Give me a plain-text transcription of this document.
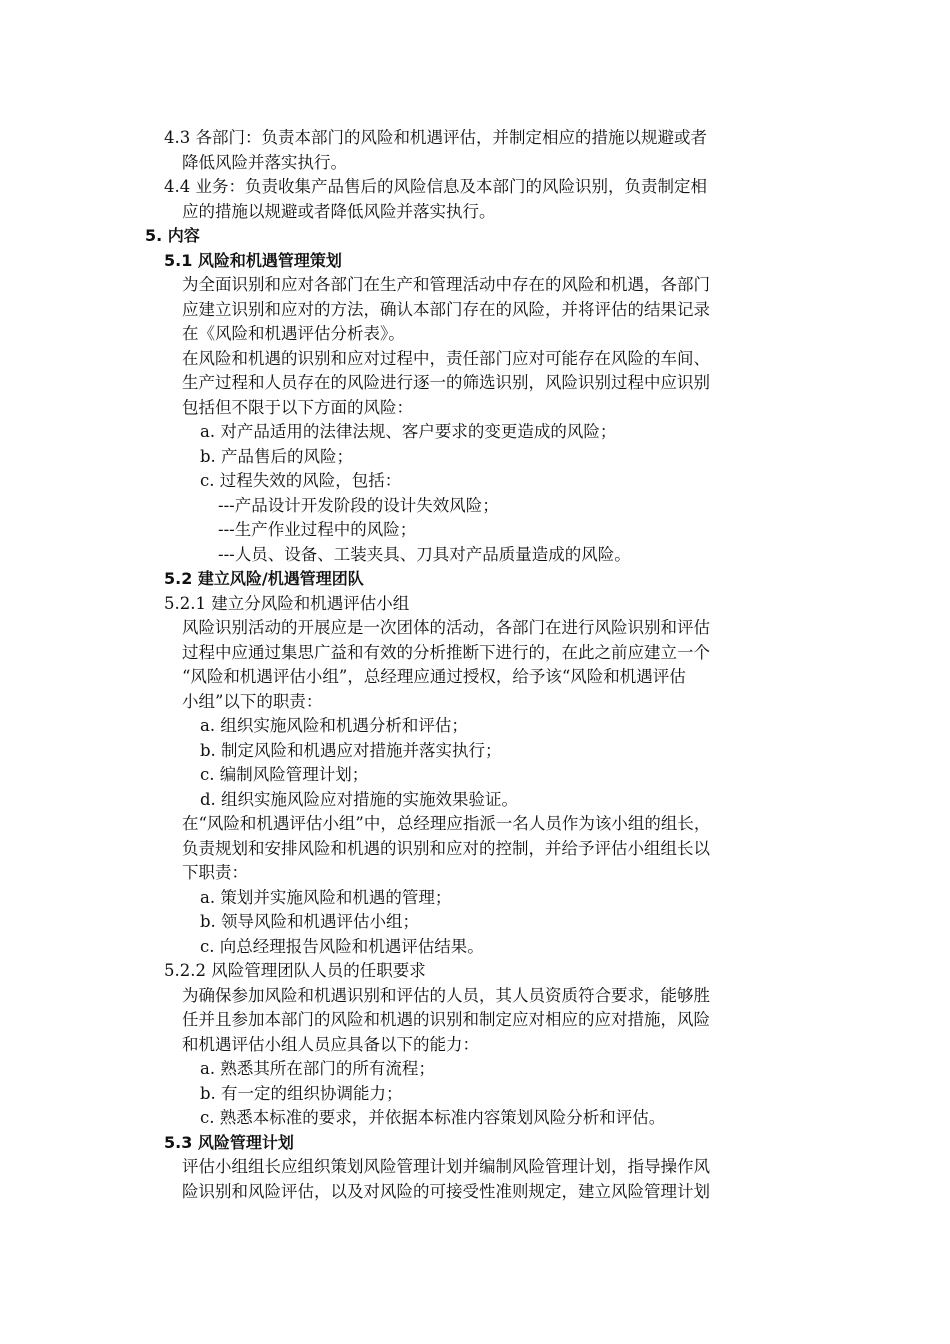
4.3 各部门：负责本部门的风险和机遇评估，并制定相应的措施以规避或者

降低风险并落实执行。

4.4 业务：负责收集产品售后的风险信息及本部门的风险识别，负责制定相

应的措施以规避或者降低风险并落实执行。

5. 内容

5.1 风险和机遇管理策划

为全面识别和应对各部门在生产和管理活动中存在的风险和机遇，各部门

应建立识别和应对的方法，确认本部门存在的风险，并将评估的结果记录

在《风险和机遇评估分析表》。

在风险和机遇的识别和应对过程中，责任部门应对可能存在风险的车间、

生产过程和人员存在的风险进行逐一的筛选识别，风险识别过程中应识别

包括但不限于以下方面的风险：

a. 对产品适用的法律法规、客户要求的变更造成的风险；

b. 产品售后的风险；

c. 过程失效的风险，包括：

---产品设计开发阶段的设计失效风险；

---生产作业过程中的风险；

---人员、设备、工装夹具、刀具对产品质量造成的风险。

5.2 建立风险/机遇管理团队

5.2.1 建立分风险和机遇评估小组

风险识别活动的开展应是一次团体的活动，各部门在进行风险识别和评估

过程中应通过集思广益和有效的分析推断下进行的，在此之前应建立一个

“风险和机遇评估小组”，总经理应通过授权，给予该“风险和机遇评估

小组”以下的职责：

a. 组织实施风险和机遇分析和评估；

b. 制定风险和机遇应对措施并落实执行；

c. 编制风险管理计划；

d. 组织实施风险应对措施的实施效果验证。

在“风险和机遇评估小组”中，总经理应指派一名人员作为该小组的组长，

负责规划和安排风险和机遇的识别和应对的控制，并给予评估小组组长以

下职责：

a. 策划并实施风险和机遇的管理；

b. 领导风险和机遇评估小组；

c. 向总经理报告风险和机遇评估结果。

5.2.2 风险管理团队人员的任职要求

为确保参加风险和机遇识别和评估的人员，其人员资质符合要求，能够胜

任并且参加本部门的风险和机遇的识别和制定应对相应的应对措施，风险

和机遇评估小组人员应具备以下的能力：

a. 熟悉其所在部门的所有流程；

b. 有一定的组织协调能力；

c. 熟悉本标准的要求，并依据本标准内容策划风险分析和评估。

5.3 风险管理计划

评估小组组长应组织策划风险管理计划并编制风险管理计划，指导操作风

险识别和风险评估，以及对风险的可接受性准则规定，建立风险管理计划
